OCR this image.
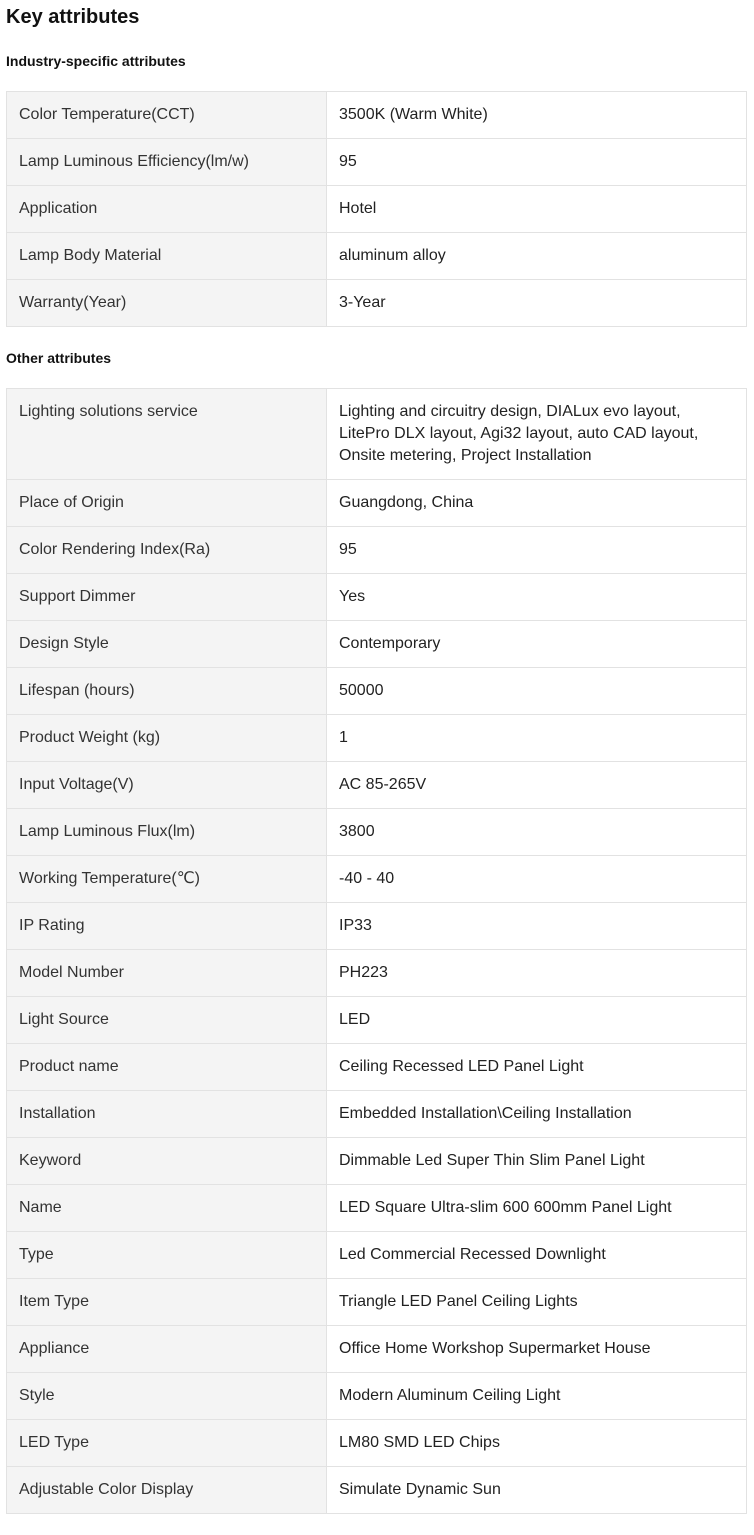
Key attributes
Industry-specific attributes
Color Temperature(CCT)	3500K (Warm White)
Lamp Luminous Efficiency(lm/w)	95
Application	Hotel
Lamp Body Material	aluminum alloy
Warranty(Year)	3-Year
Other attributes
Lighting solutions service	Lighting and circuitry design, DIALux evo layout, LitePro DLX layout, Agi32 layout, auto CAD layout, Onsite metering, Project Installation
Place of Origin	Guangdong, China
Color Rendering Index(Ra)	95
Support Dimmer	Yes
Design Style	Contemporary
Lifespan (hours)	50000
Product Weight (kg)	1
Input Voltage(V)	AC 85-265V
Lamp Luminous Flux(lm)	3800
Working Temperature(℃)	-40 - 40
IP Rating	IP33
Model Number	PH223
Light Source	LED
Product name	Ceiling Recessed LED Panel Light
Installation	Embedded Installation\Ceiling Installation
Keyword	Dimmable Led Super Thin Slim Panel Light
Name	LED Square Ultra-slim 600 600mm Panel Light
Type	Led Commercial Recessed Downlight
Item Type	Triangle LED Panel Ceiling Lights
Appliance	Office Home Workshop Supermarket House
Style	Modern Aluminum Ceiling Light
LED Type	LM80 SMD LED Chips
Adjustable Color Display	Simulate Dynamic Sun
